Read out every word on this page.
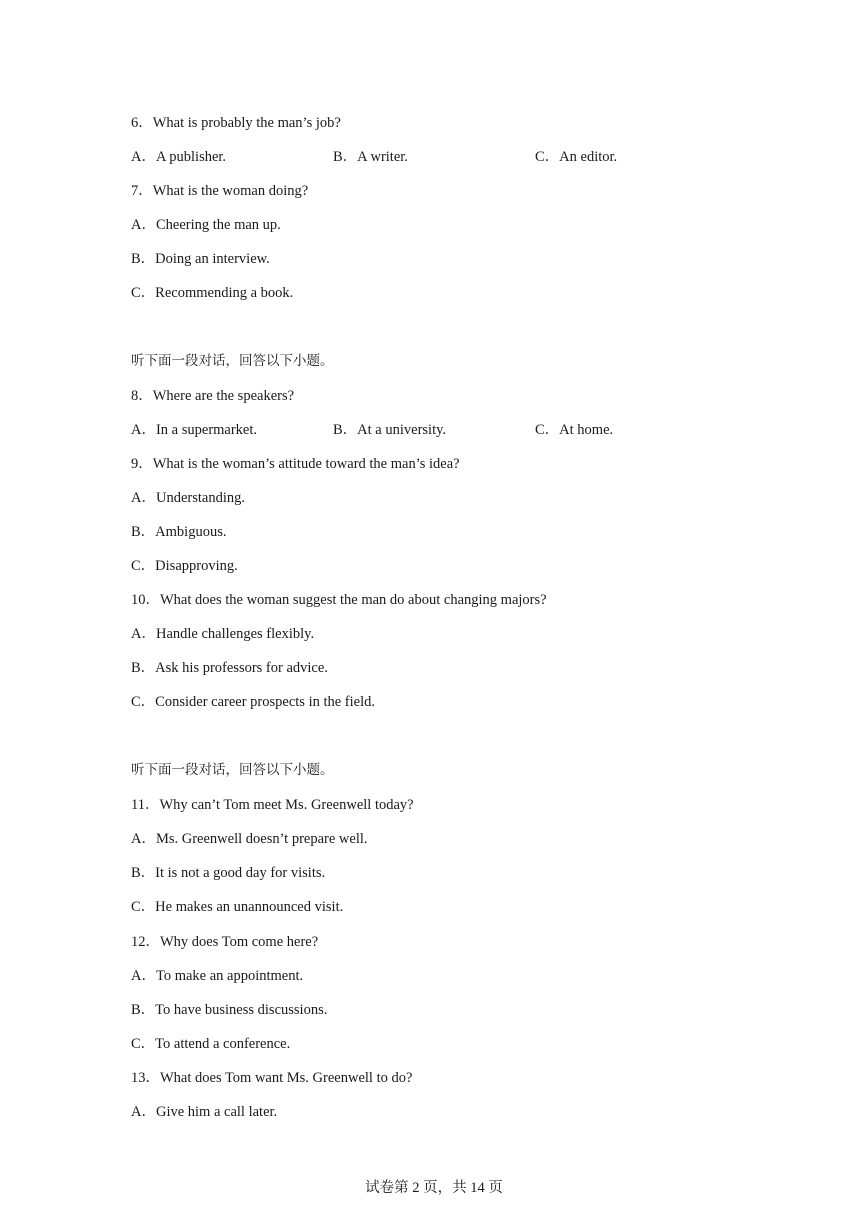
6．What is probably the man’s job?
A．A publisher.	B．A writer.	C．An editor.
7．What is the woman doing?
A．Cheering the man up.
B．Doing an interview.
C．Recommending a book.
听下面一段对话，回答以下小题。
8．Where are the speakers?
A．In a supermarket.	B．At a university.	C．At home.
9．What is the woman’s attitude toward the man’s idea?
A．Understanding.
B．Ambiguous.
C．Disapproving.
10．What does the woman suggest the man do about changing majors?
A．Handle challenges flexibly.
B．Ask his professors for advice.
C．Consider career prospects in the field.
听下面一段对话，回答以下小题。
11．Why can’t Tom meet Ms. Greenwell today?
A．Ms. Greenwell doesn’t prepare well.
B．It is not a good day for visits.
C．He makes an unannounced visit.
12．Why does Tom come here?
A．To make an appointment.
B．To have business discussions.
C．To attend a conference.
13．What does Tom want Ms. Greenwell to do?
A．Give him a call later.
试卷第 2 页，共 14 页
